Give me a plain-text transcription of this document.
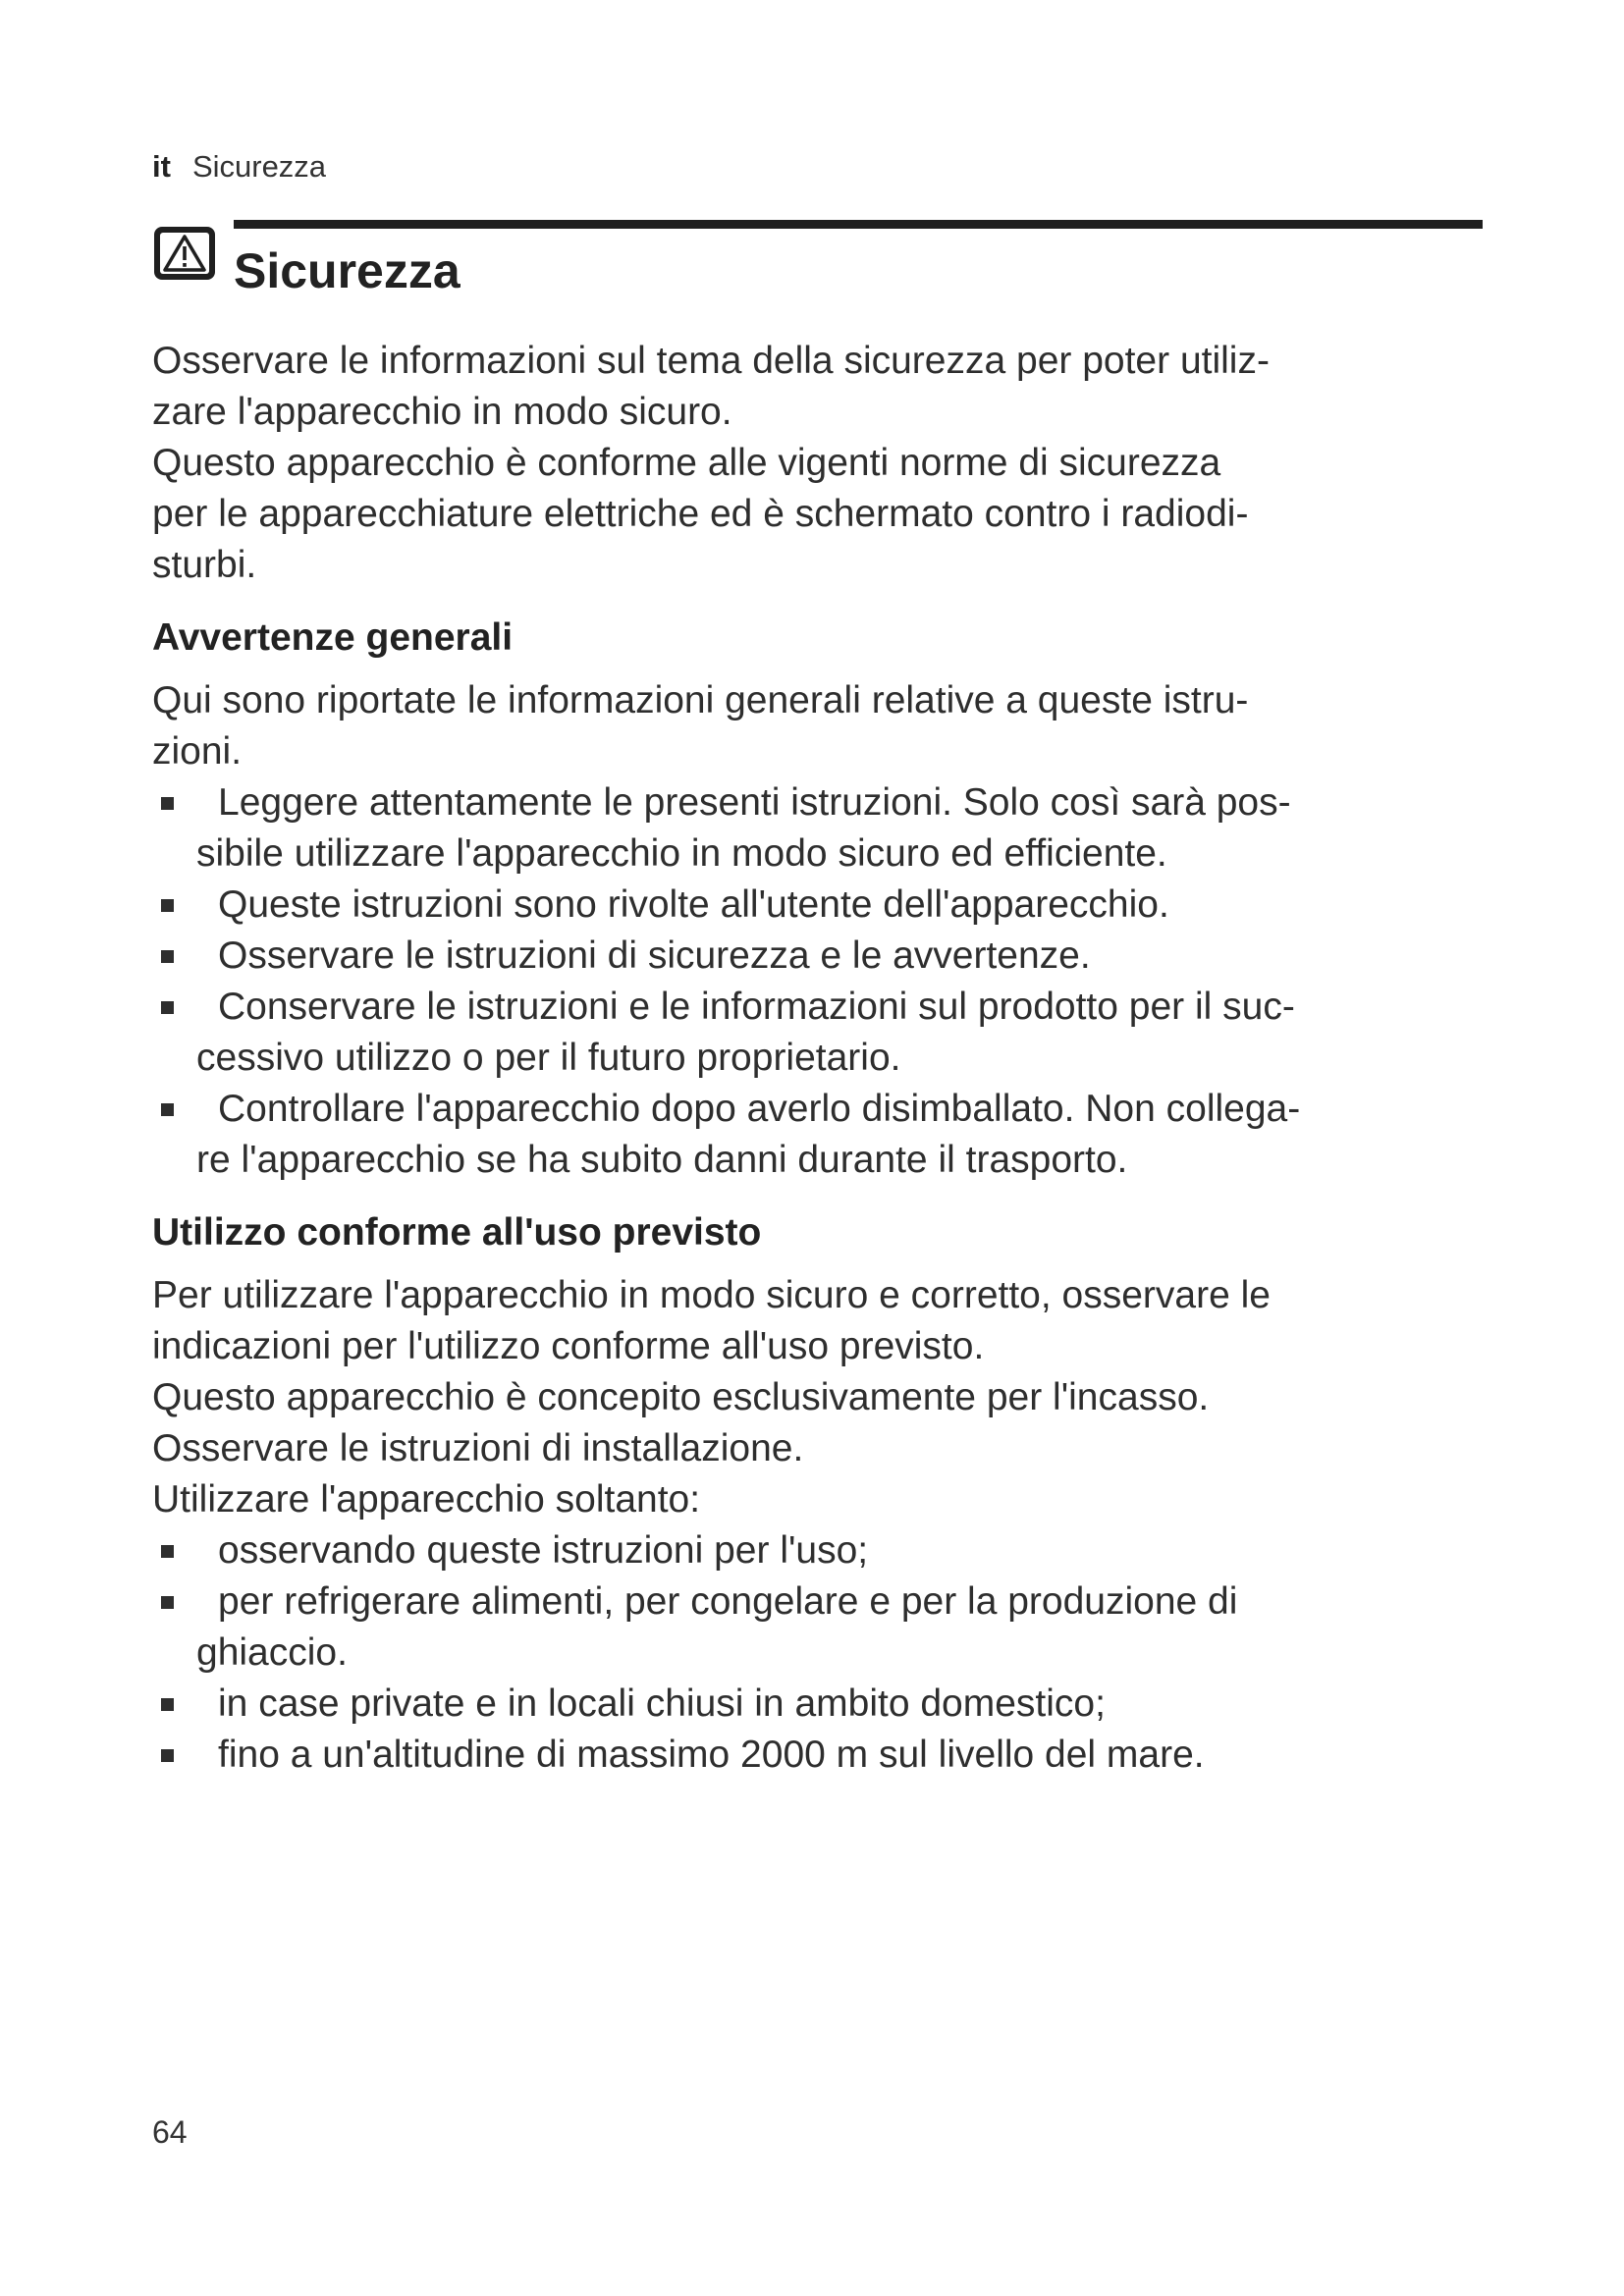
it Sicurezza
Sicurezza

Osservare le informazioni sul tema della sicurezza per poter utiliz-

zare l'apparecchio in modo sicuro.

Questo apparecchio è conforme alle vigenti norme di sicurezza

per le apparecchiature elettriche ed è schermato contro i radiodi-

sturbi.

Avvertenze generali

Qui sono riportate le informazioni generali relative a queste istru-

zioni.

Leggere attentamente le presenti istruzioni. Solo così sarà pos-
sibile utilizzare l'apparecchio in modo sicuro ed efficiente.
Queste istruzioni sono rivolte all'utente dell'apparecchio.
Osservare le istruzioni di sicurezza e le avvertenze.
Conservare le istruzioni e le informazioni sul prodotto per il suc-
cessivo utilizzo o per il futuro proprietario.
Controllare l'apparecchio dopo averlo disimballato. Non collega-
re l'apparecchio se ha subito danni durante il trasporto.
Utilizzo conforme all'uso previsto

Per utilizzare l'apparecchio in modo sicuro e corretto, osservare le

indicazioni per l'utilizzo conforme all'uso previsto.

Questo apparecchio è concepito esclusivamente per l'incasso.

Osservare le istruzioni di installazione.

Utilizzare l'apparecchio soltanto:

osservando queste istruzioni per l'uso;
per refrigerare alimenti, per congelare e per la produzione di
ghiaccio.
in case private e in locali chiusi in ambito domestico;
fino a un'altitudine di massimo 2000 m sul livello del mare.
64
